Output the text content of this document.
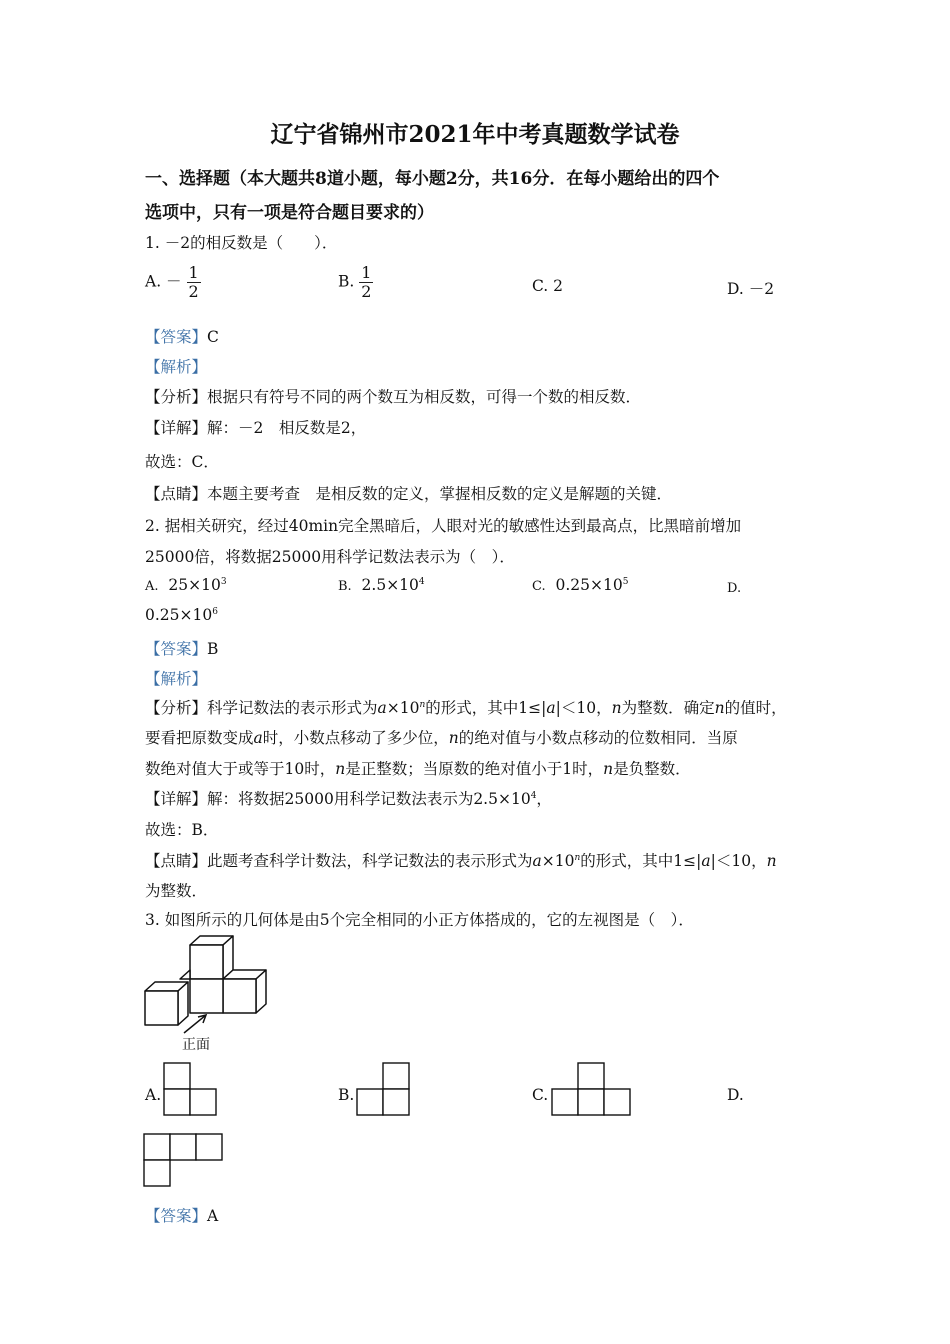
辽宁省锦州市2021年中考真题数学试卷
一、选择题（本大题共8道小题，每小题2分，共16分．在每小题给出的四个
选项中，只有一项是符合题目要求的）
1. －2的相反数是（　　）．
A. － $\frac{1}{2}$	B. $\frac{1}{2}$	C. 2	D. －2
【答案】C
【解析】
【分析】根据只有符号不同的两个数互为相反数，可得一个数的相反数．
【详解】解：－2　相反数是2，
故选：C．
【点睛】本题主要考查　是相反数的定义，掌握相反数的定义是解题的关键．
2. 据相关研究，经过40min完全黑暗后，人眼对光的敏感性达到最高点，比黑暗前增加
25000倍，将数据25000用科学记数法表示为（　）．
A. $25\times 10^3$	B. $2.5\times 10^4$	C. $0.25\times 10^5$	D.
$0.25\times 10^6$
【答案】B
【解析】
【分析】科学记数法的表示形式为$a\times 10^n$的形式，其中1≤|a|＜10，n为整数．确定n的值时，
要看把原数变成a时，小数点移动了多少位，n的绝对值与小数点移动的位数相同．当原
数绝对值大于或等于10时，n是正整数；当原数的绝对值小于1时，n是负整数．
【详解】解：将数据25000用科学记数法表示为$2.5\times 10^4$，
故选：B．
【点睛】此题考查科学计数法，科学记数法的表示形式为$a\times 10^n$的形式，其中1≤|a|＜10，n
为整数．
3. 如图所示的几何体是由5个完全相同的小正方体搭成的，它的左视图是（　）．
正面
A.	B.	C.	D.
【答案】A
